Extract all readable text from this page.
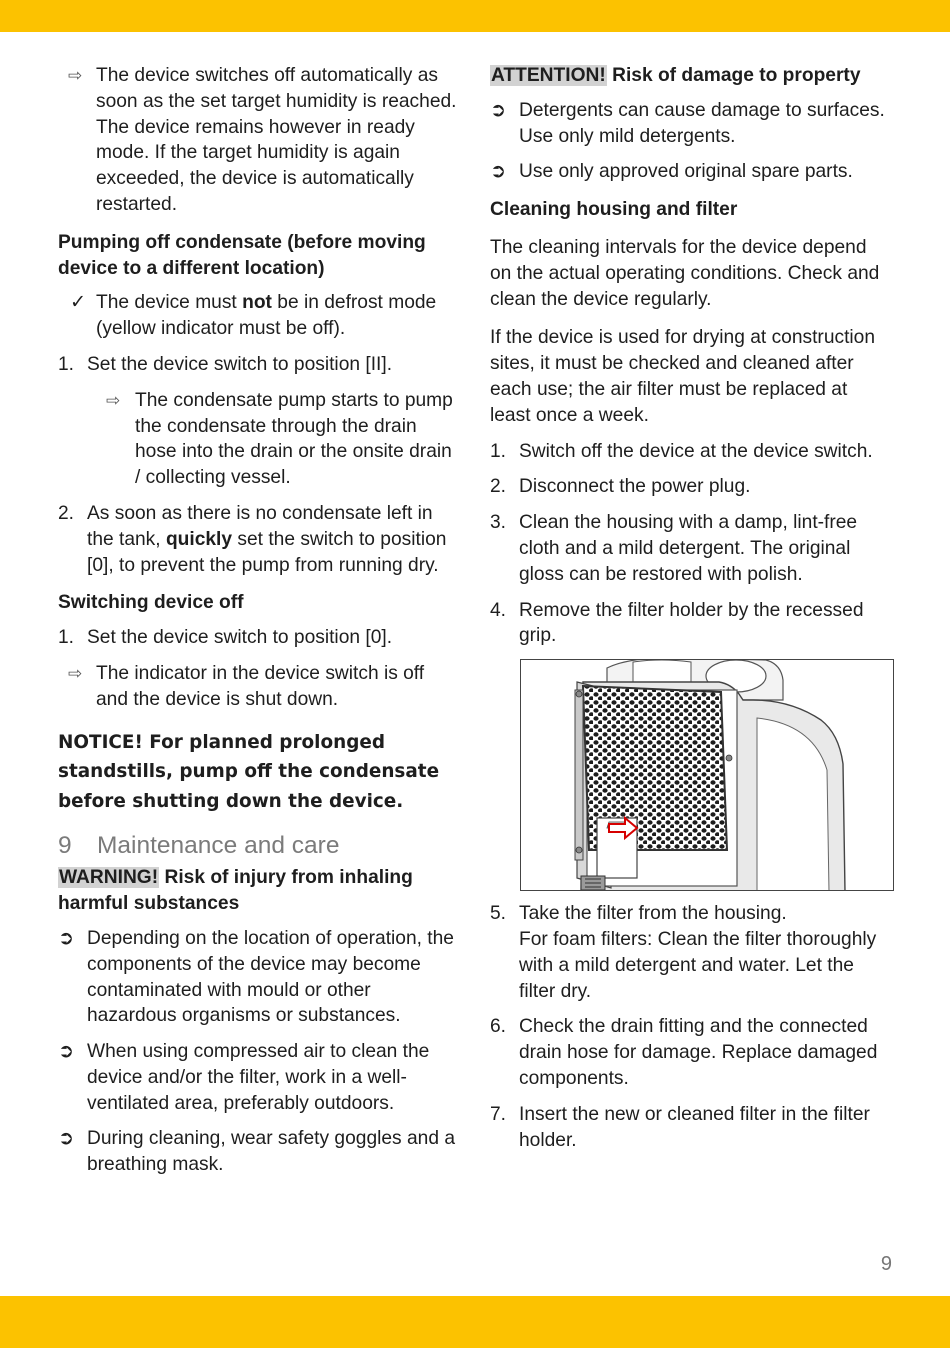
⇨ The device switches off automatically as soon as the set target humidity is reached. The device remains however in ready mode. If the target humidity is again exceeded, the device is automatically restarted.

Pumping off condensate (before moving device to a different location)

✓ The device must not be in defrost mode (yellow indicator must be off).

1. Set the device switch to position [II].

⇨ The condensate pump starts to pump the condensate through the drain hose into the drain or the onsite drain / collecting vessel.

2. As soon as there is no condensate left in the tank, quickly set the switch to position [0], to prevent the pump from running dry.

Switching device off

1. Set the device switch to position [0].

⇨ The indicator in the device switch is off and the device is shut down.

NOTICE! For planned prolonged standstills, pump off the condensate before shutting down the device.

9 Maintenance and care

WARNING! Risk of injury from inhaling harmful substances

➲ Depending on the location of operation, the components of the device may become contaminated with mould or other hazardous organisms or substances.

➲ When using compressed air to clean the device and/or the filter, work in a well-ventilated area, preferably outdoors.

➲ During cleaning, wear safety goggles and a breathing mask.

ATTENTION! Risk of damage to property

➲ Detergents can cause damage to surfaces. Use only mild detergents.

➲ Use only approved original spare parts.

Cleaning housing and filter

The cleaning intervals for the device depend on the actual operating conditions. Check and clean the device regularly.

If the device is used for drying at construction sites, it must be checked and cleaned after each use; the air filter must be replaced at least once a week.

1. Switch off the device at the device switch.

2. Disconnect the power plug.

3. Clean the housing with a damp, lint-free cloth and a mild detergent. The original gloss can be restored with polish.

4. Remove the filter holder by the recessed grip.

5. Take the filter from the housing.
For foam filters: Clean the filter thoroughly with a mild detergent and water. Let the filter dry.

6. Check the drain fitting and the connected drain hose for damage. Replace damaged components.

7. Insert the new or cleaned filter in the filter holder.

9
